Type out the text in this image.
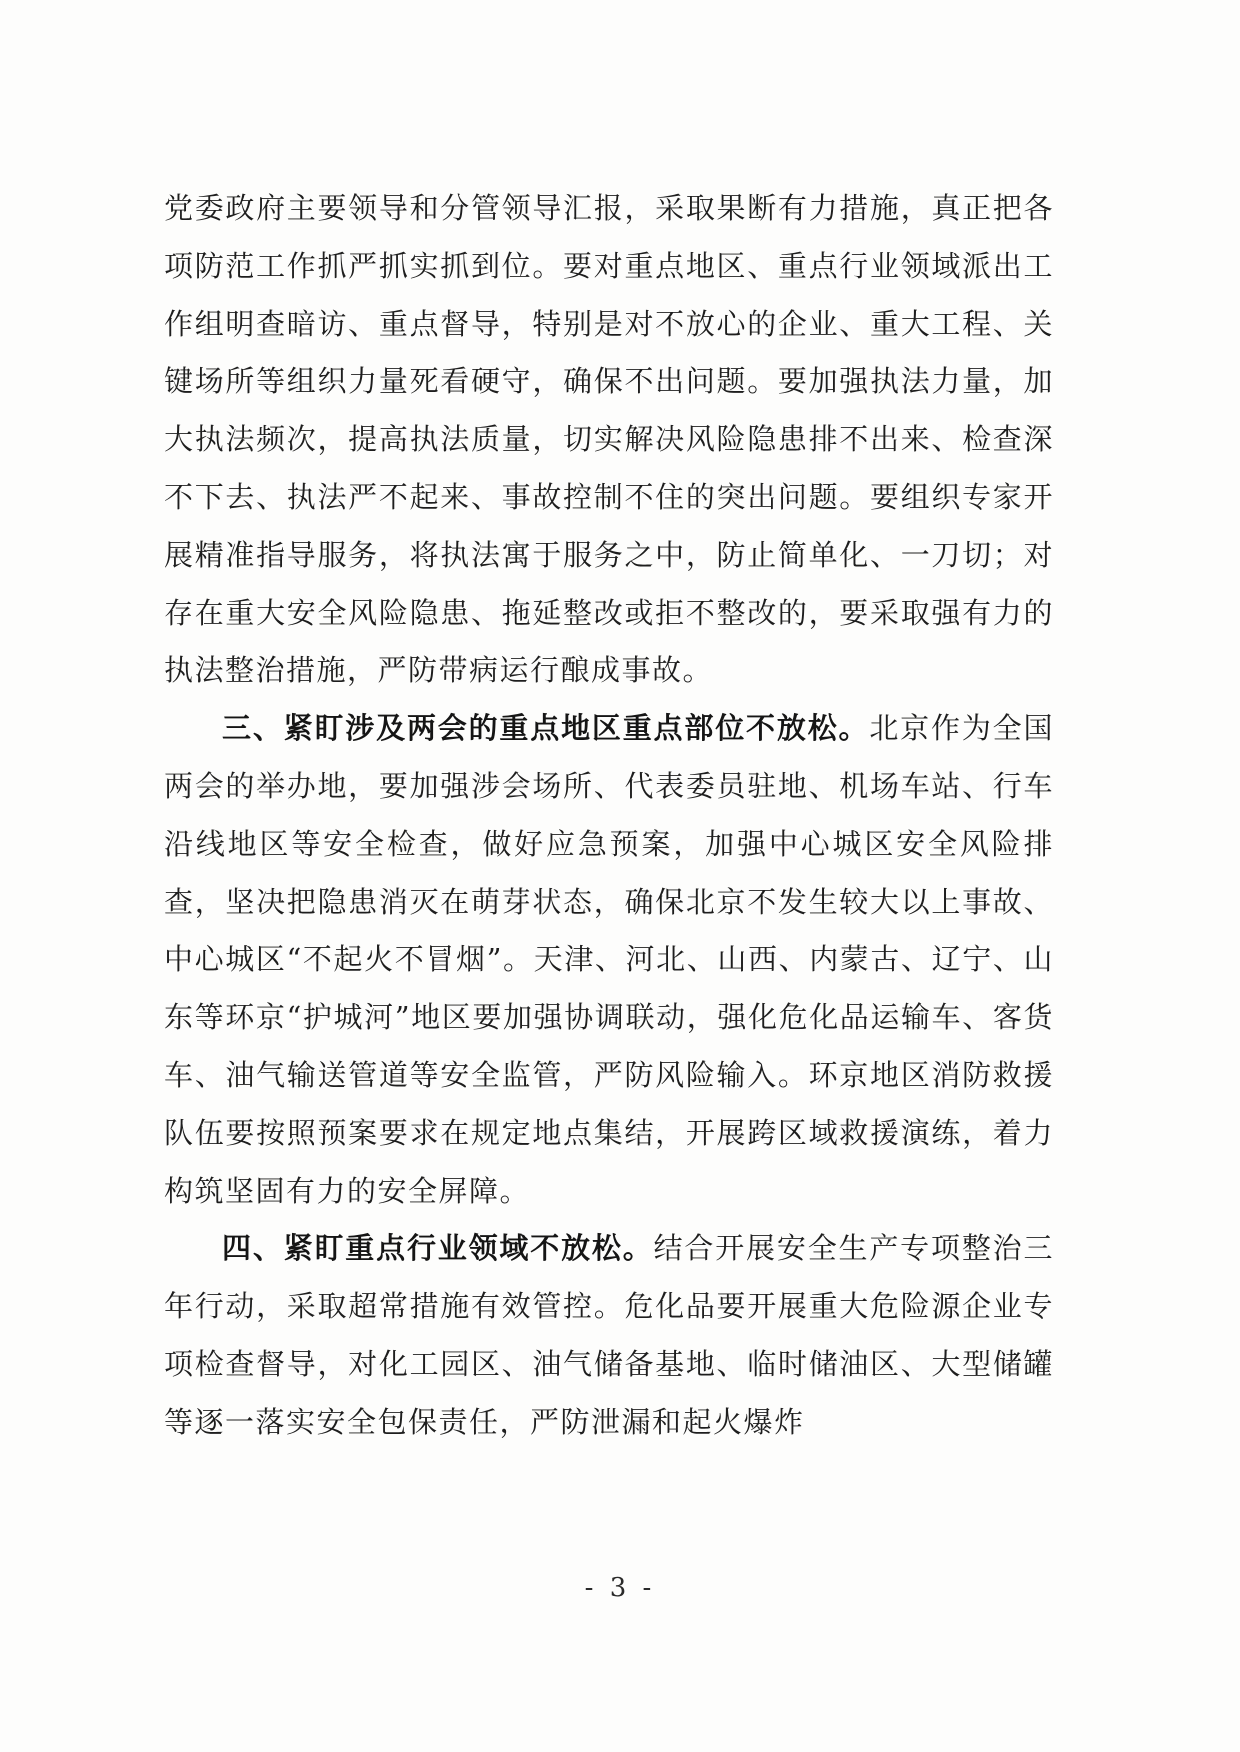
党委政府主要领导和分管领导汇报，采取果断有力措施，真正把各项防范工作抓严抓实抓到位。要对重点地区、重点行业领域派出工作组明查暗访、重点督导，特别是对不放心的企业、重大工程、关键场所等组织力量死看硬守，确保不出问题。要加强执法力量，加大执法频次，提高执法质量，切实解决风险隐患排不出来、检查深不下去、执法严不起来、事故控制不住的突出问题。要组织专家开展精准指导服务，将执法寓于服务之中，防止简单化、一刀切；对存在重大安全风险隐患、拖延整改或拒不整改的，要采取强有力的执法整治措施，严防带病运行酿成事故。

三、紧盯涉及两会的重点地区重点部位不放松。北京作为全国两会的举办地，要加强涉会场所、代表委员驻地、机场车站、行车沿线地区等安全检查，做好应急预案，加强中心城区安全风险排查，坚决把隐患消灭在萌芽状态，确保北京不发生较大以上事故、中心城区“不起火不冒烟”。天津、河北、山西、内蒙古、辽宁、山东等环京“护城河”地区要加强协调联动，强化危化品运输车、客货车、油气输送管道等安全监管，严防风险输入。环京地区消防救援队伍要按照预案要求在规定地点集结，开展跨区域救援演练，着力构筑坚固有力的安全屏障。

四、紧盯重点行业领域不放松。结合开展安全生产专项整治三年行动，采取超常措施有效管控。危化品要开展重大危险源企业专项检查督导，对化工园区、油气储备基地、临时储油区、大型储罐等逐一落实安全包保责任，严防泄漏和起火爆炸

- 3 -
